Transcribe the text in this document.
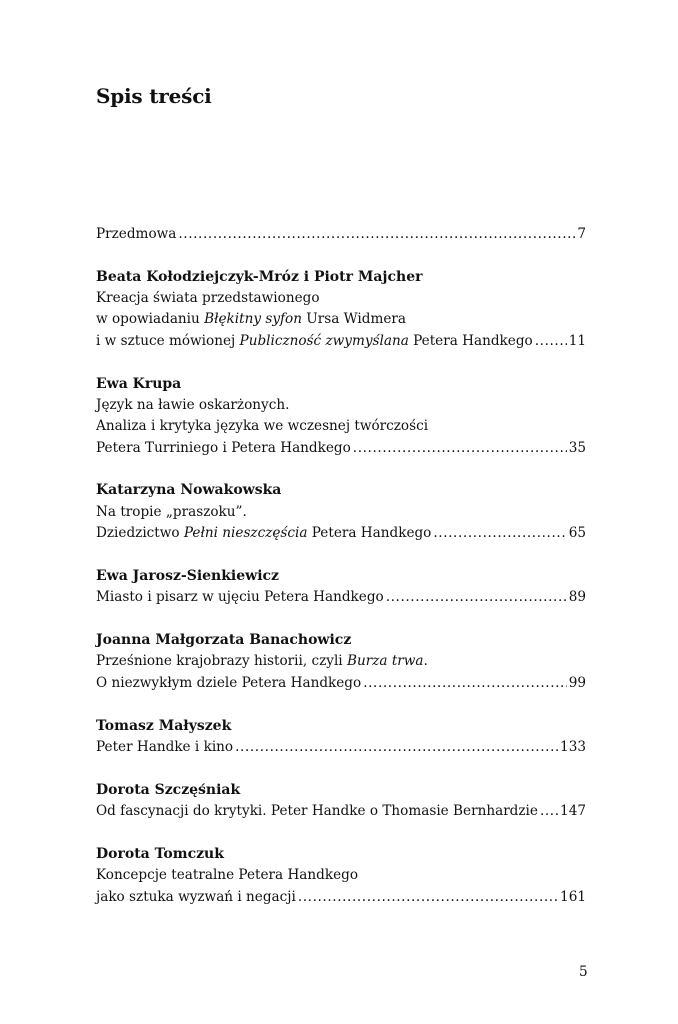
Spis treści
Przedmowa .....	7
Beata Kołodziejczyk-Mróz i Piotr Majcher
Kreacja świata przedstawionego
w opowiadaniu Błękitny syfon Ursa Widmera
i w sztuce mówionej Publiczność zwymyślana Petera Handkego .....	11
Ewa Krupa
Język na ławie oskarżonych.
Analiza i krytyka języka we wczesnej twórczości
Petera Turriniego i Petera Handkego .....	35
Katarzyna Nowakowska
Na tropie „praszoku”.
Dziedzictwo Pełni nieszczęścia Petera Handkego .....	65
Ewa Jarosz-Sienkiewicz
Miasto i pisarz w ujęciu Petera Handkego .....	89
Joanna Małgorzata Banachowicz
Prześnione krajobrazy historii, czyli Burza trwa .
O niezwykłym dziele Petera Handkego .....	99
Tomasz Małyszek
Peter Handke i kino .....	133
Dorota Szczęśniak
Od fascynacji do krytyki. Peter Handke o Thomasie Bernhardzie ..... 147
Dorota Tomczuk
Koncepcje teatralne Petera Handkego
jako sztuka wyzwań i negacji .....	161
5
